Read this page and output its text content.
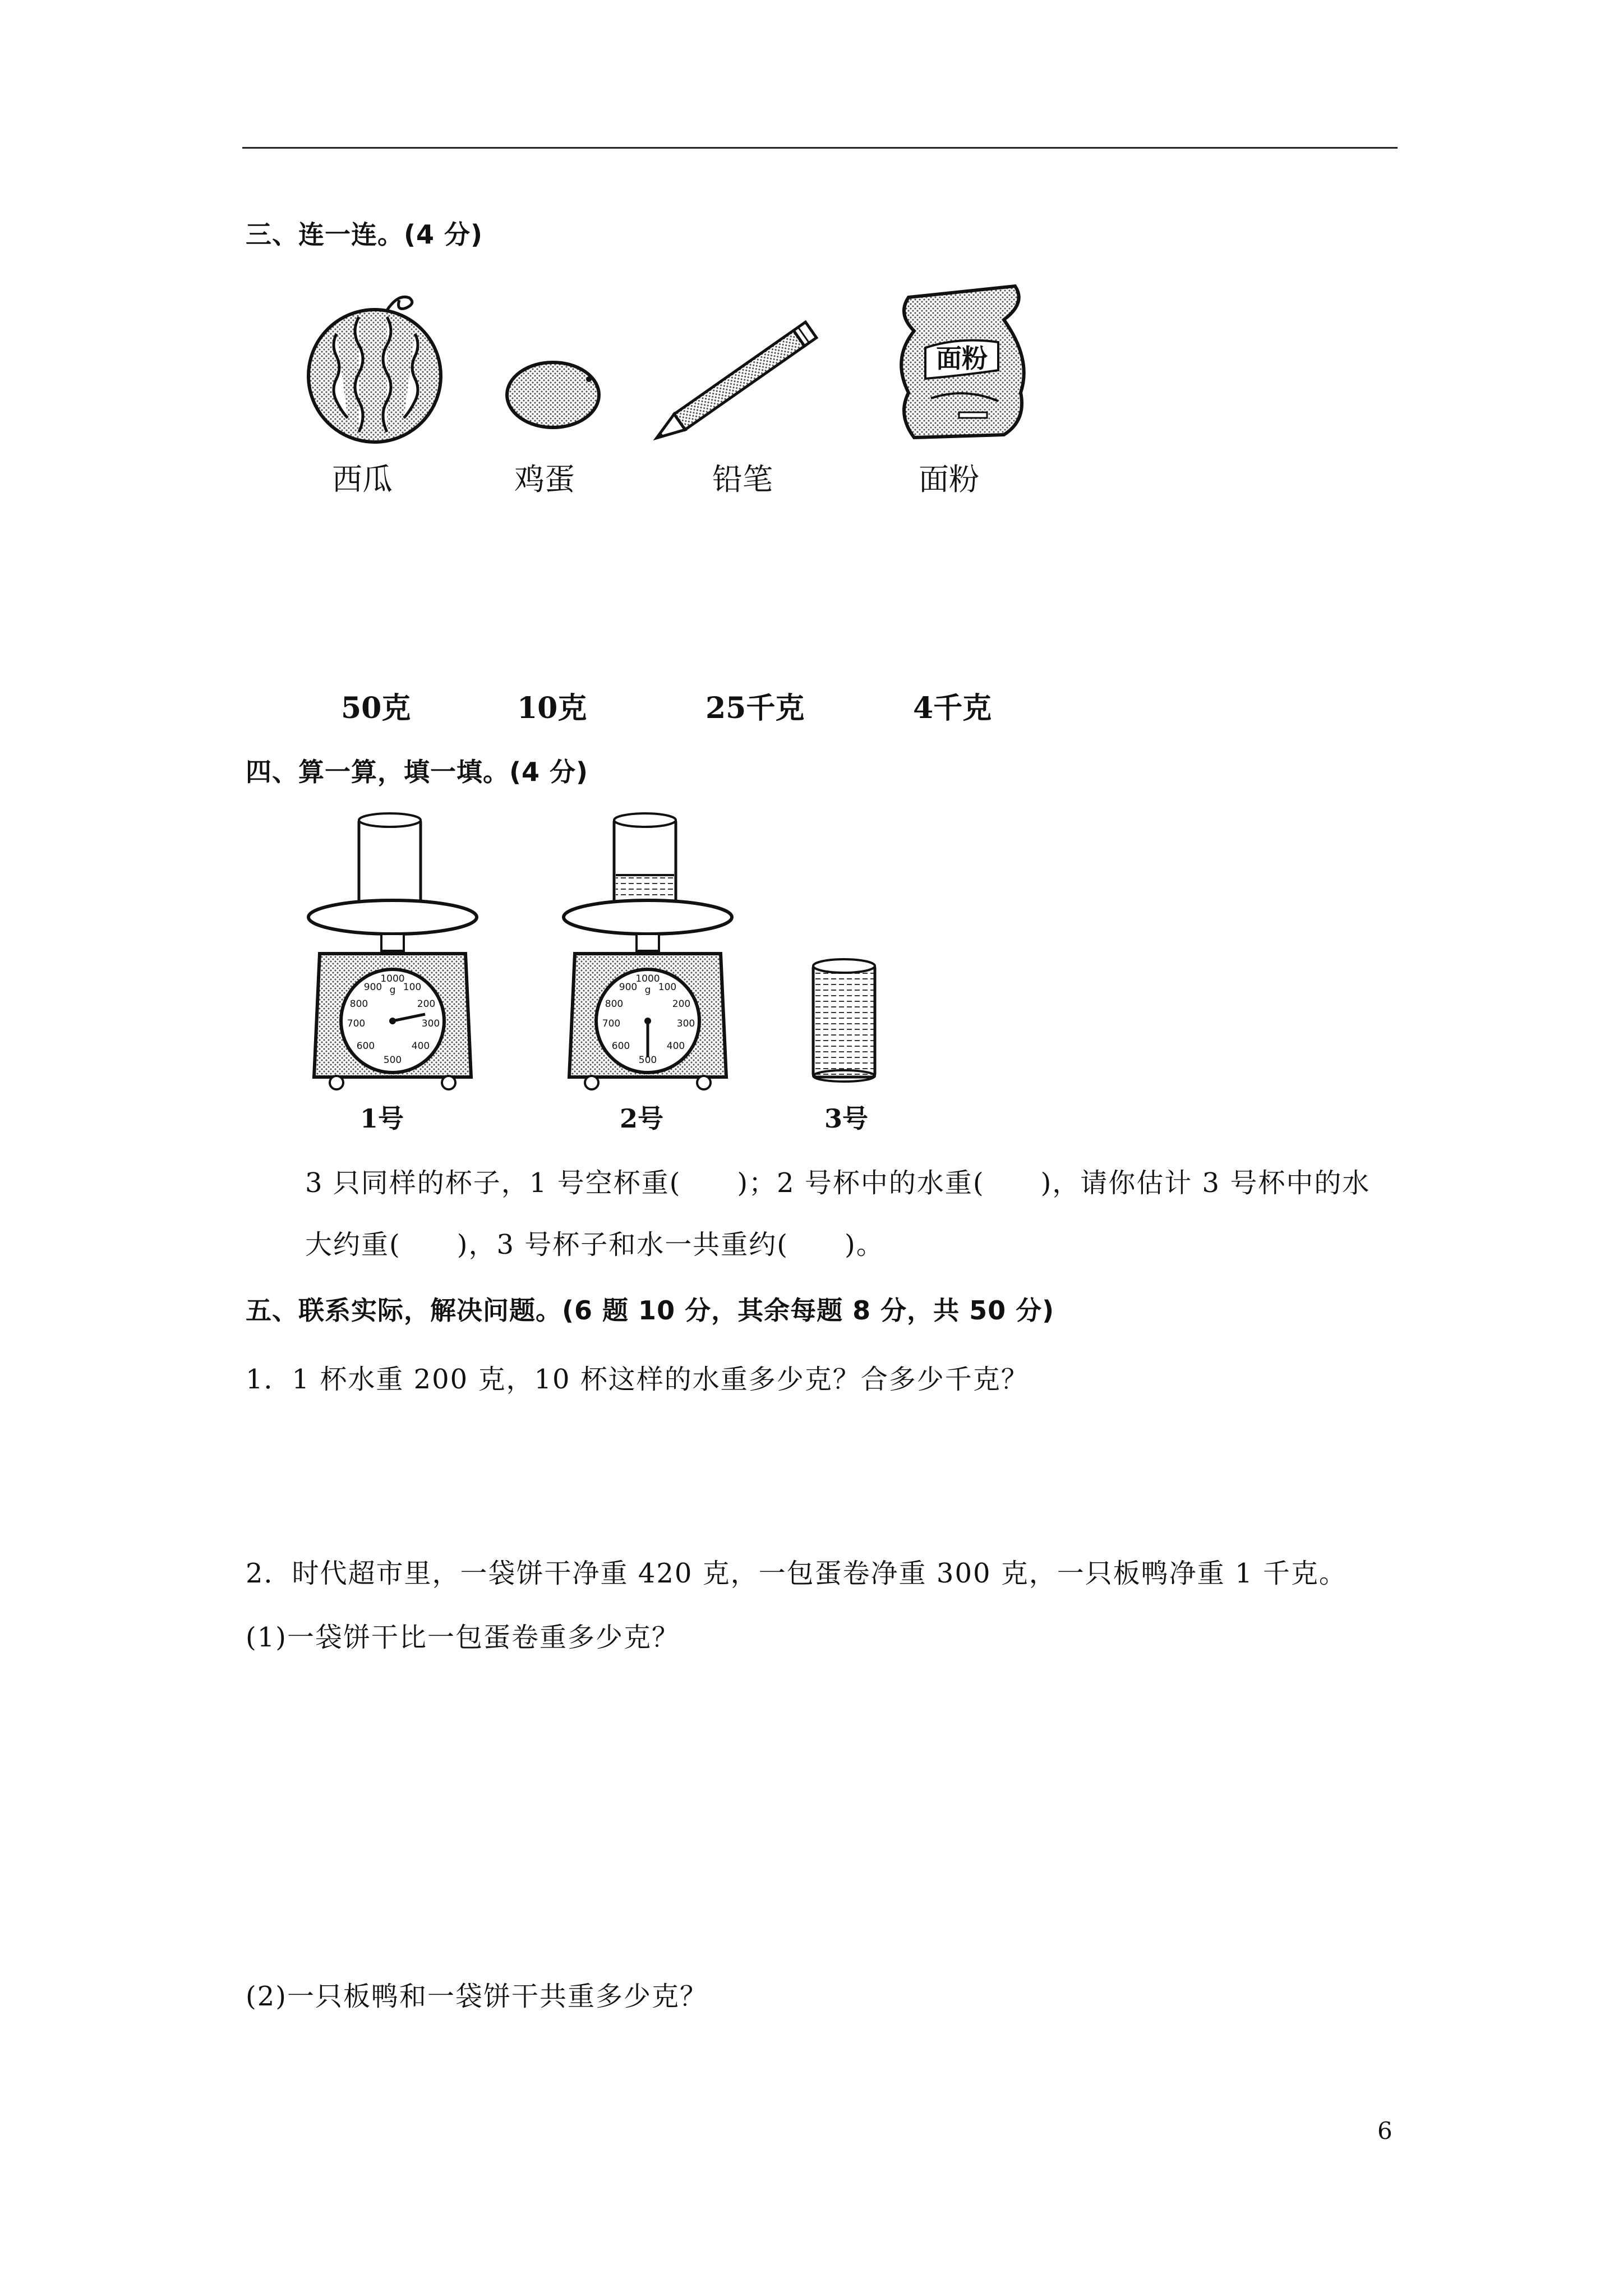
三、连一连。(4 分)
西瓜	鸡蛋	铅笔
面粉
面粉
50克	10克	25千克	4千克
四、算一算，填一填。(4 分)
1000
100
200
300
400
500
600
700
800
900 g
1号
1000
100
200
300
400
500
600
700
800
900 g
2号	3号
3 只同样的杯子，1 号空杯重(　　)；2 号杯中的水重(　　)，请你估计 3 号杯中的水
大约重(　　)，3 号杯子和水一共重约(　　)。
五、联系实际，解决问题。(6 题 10 分，其余每题 8 分，共 50 分)
1．1 杯水重 200 克，10 杯这样的水重多少克？合多少千克？
2．时代超市里，一袋饼干净重 420 克，一包蛋卷净重 300 克，一只板鸭净重 1 千克。
(1)一袋饼干比一包蛋卷重多少克？
(2)一只板鸭和一袋饼干共重多少克？
6
